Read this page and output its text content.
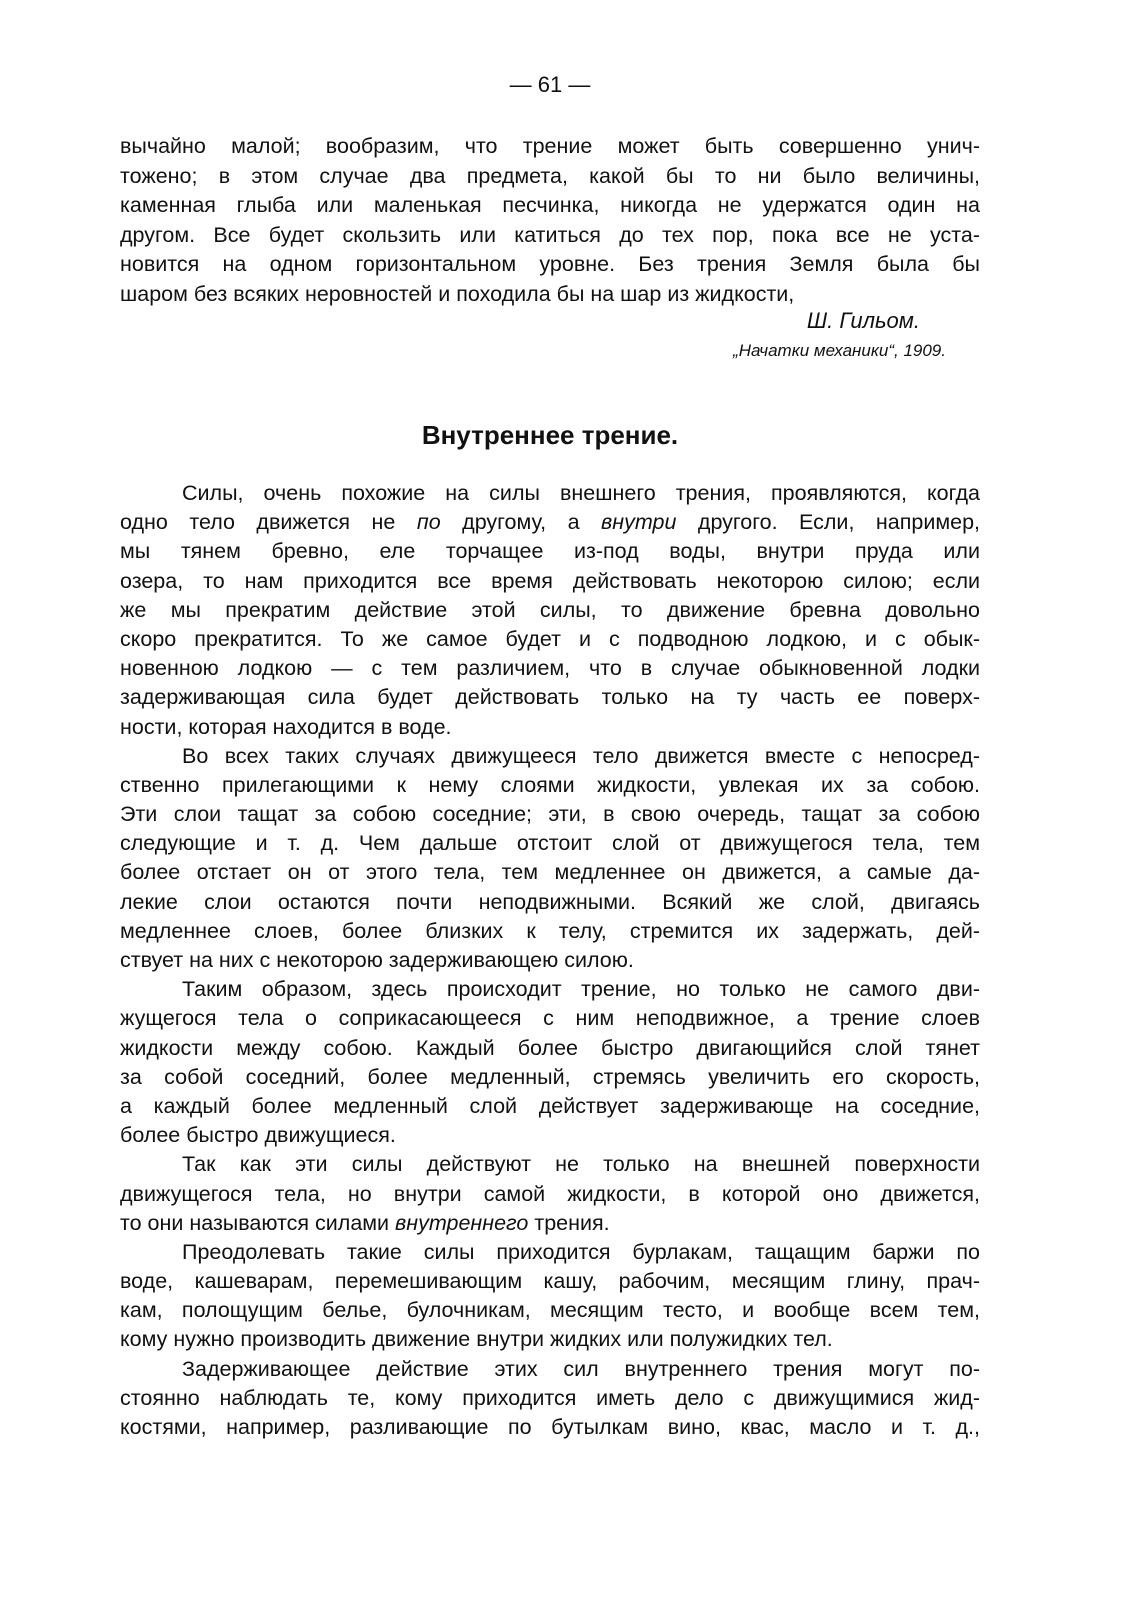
— 61 —
вычайно малой; вообразим, что трение может быть совершенно унич-
тожено; в этом случае два предмета, какой бы то ни было величины,
каменная глыба или маленькая песчинка, никогда не удержатся один на
другом. Все будет скользить или катиться до тех пор, пока все не уста-
новится на одном горизонтальном уровне. Без трения Земля была бы
шаром без всяких неровностей и походила бы на шар из жидкости,
Ш. Гильом.
„Начатки механики“, 1909.
Внутреннее трение.
Силы, очень похожие на силы внешнего трения, проявляются, когда
одно тело движется не по другому, а внутри другого. Если, например,
мы тянем бревно, еле торчащее из-под воды, внутри пруда или
озера, то нам приходится все время действовать некоторою силою; если
же мы прекратим действие этой силы, то движение бревна довольно
скоро прекратится. То же самое будет и с подводною лодкою, и с обык-
новенною лодкою — с тем различием, что в случае обыкновенной лодки
задерживающая сила будет действовать только на ту часть ее поверх-
ности, которая находится в воде.
Во всех таких случаях движущееся тело движется вместе с непосред-
ственно прилегающими к нему слоями жидкости, увлекая их за собою.
Эти слои тащат за собою соседние; эти, в свою очередь, тащат за собою
следующие и т. д. Чем дальше отстоит слой от движущегося тела, тем
более отстает он от этого тела, тем медленнее он движется, а самые да-
лекие слои остаются почти неподвижными. Всякий же слой, двигаясь
медленнее слоев, более близких к телу, стремится их задержать, дей-
ствует на них с некоторою задерживающею силою.
Таким образом, здесь происходит трение, но только не самого дви-
жущегося тела о соприкасающееся с ним неподвижное, а трение слоев
жидкости между собою. Каждый более быстро двигающийся слой тянет
за собой соседний, более медленный, стремясь увеличить его скорость,
а каждый более медленный слой действует задерживающе на соседние,
более быстро движущиеся.
Так как эти силы действуют не только на внешней поверхности
движущегося тела, но внутри самой жидкости, в которой оно движется,
то они называются силами внутреннего трения.
Преодолевать такие силы приходится бурлакам, тащащим баржи по
воде, кашеварам, перемешивающим кашу, рабочим, месящим глину, прач-
кам, полощущим белье, булочникам, месящим тесто, и вообще всем тем,
кому нужно производить движение внутри жидких или полужидких тел.
Задерживающее действие этих сил внутреннего трения могут по-
стоянно наблюдать те, кому приходится иметь дело с движущимися жид-
костями, например, разливающие по бутылкам вино, квас, масло и т. д.,
